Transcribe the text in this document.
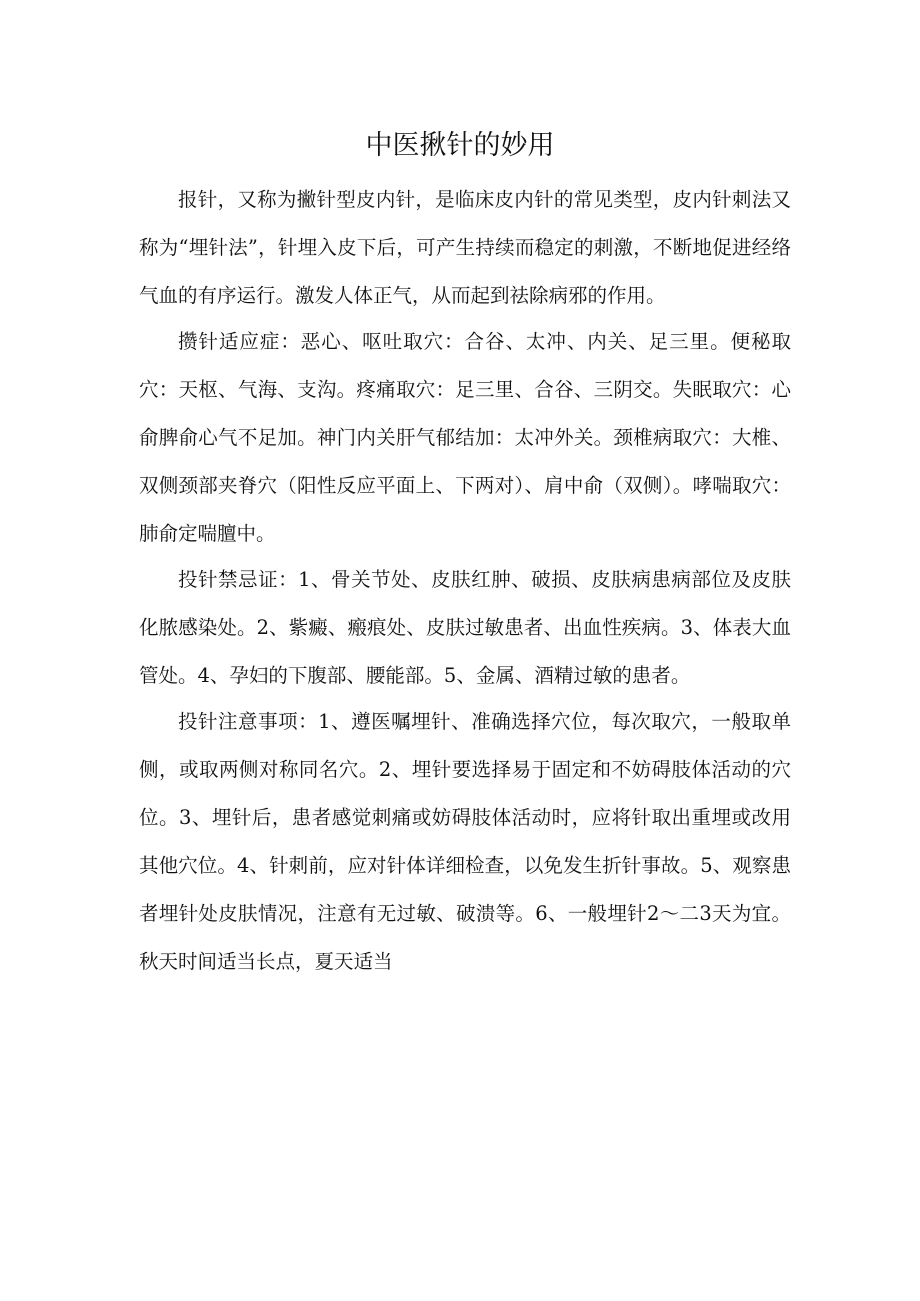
中医揪针的妙用

报针，又称为撇针型皮内针，是临床皮内针的常见类型，皮内针刺法又称为“埋针法”，针埋入皮下后，可产生持续而稳定的刺激，不断地促进经络气血的有序运行。激发人体正气，从而起到祛除病邪的作用。

攒针适应症：恶心、呕吐取穴：合谷、太冲、内关、足三里。便秘取穴：天枢、气海、支沟。疼痛取穴：足三里、合谷、三阴交。失眠取穴：心俞脾俞心气不足加。神门内关肝气郁结加：太冲外关。颈椎病取穴：大椎、双侧颈部夹脊穴（阳性反应平面上、下两对）、肩中俞（双侧）。哮喘取穴：肺俞定喘膻中。

投针禁忌证：1、骨关节处、皮肤红肿、破损、皮肤病患病部位及皮肤化脓感染处。2、紫癜、瘢痕处、皮肤过敏患者、出血性疾病。3、体表大血管处。4、孕妇的下腹部、腰能部。5、金属、酒精过敏的患者。

投针注意事项：1、遵医嘱埋针、准确选择穴位，每次取穴，一般取单侧，或取两侧对称同名穴。2、埋针要选择易于固定和不妨碍肢体活动的穴位。3、埋针后，患者感觉刺痛或妨碍肢体活动时，应将针取出重埋或改用其他穴位。4、针刺前，应对针体详细检查，以免发生折针事故。5、观察患者埋针处皮肤情况，注意有无过敏、破溃等。6、一般埋针2～二3天为宜。秋天时间适当长点，夏天适当
